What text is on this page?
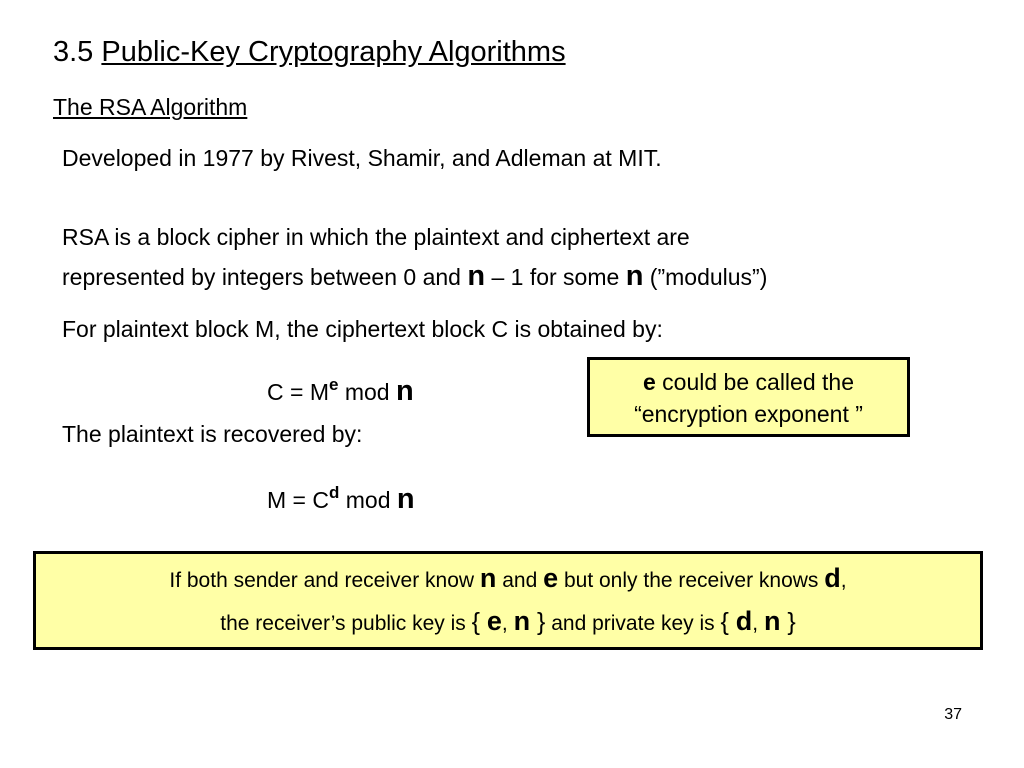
3.5 Public-Key Cryptography Algorithms
The RSA Algorithm
Developed in 1977 by Rivest, Shamir, and Adleman at MIT.
RSA is a block cipher in which the plaintext and ciphertext are
represented by integers between 0 and n – 1 for some n (”modulus”)
For plaintext block M, the ciphertext block C is obtained by:
$C = M^e$ mod n
The plaintext is recovered by:
$M = C^d$ mod n
e could be called the
“encryption exponent ”
If both sender and receiver know n and e but only the receiver knows d,
the receiver’s public key is { e, n } and private key is { d, n }
37
